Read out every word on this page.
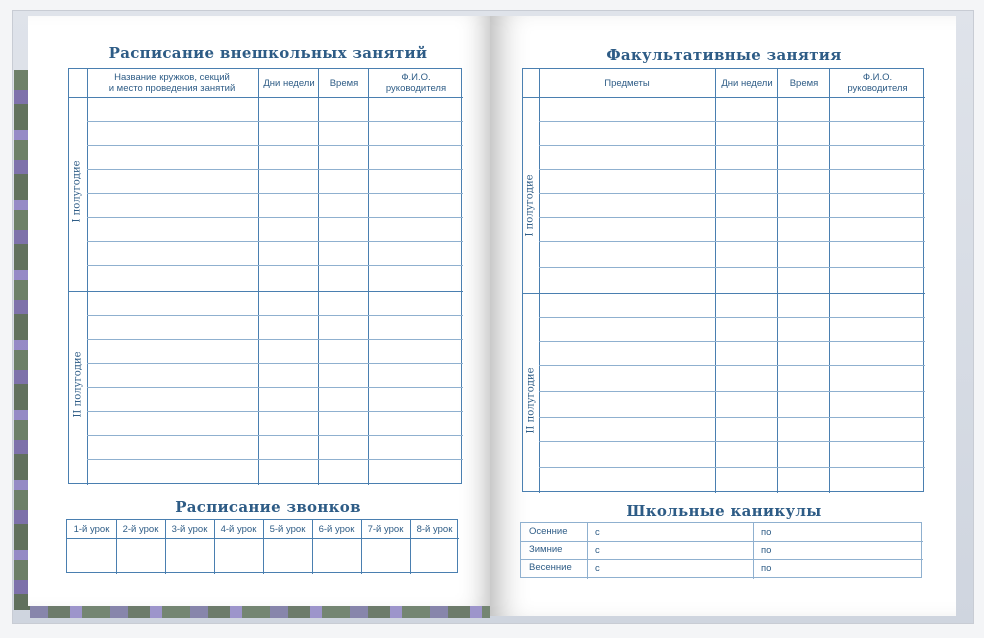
Расписание внешкольных занятий
Название кружков, секций
и место проведения занятий	Дни недели	Время	Ф.И.О.
руководителя
I полугодие
II полугодие
Расписание звонков
1-й урок	2-й урок	3-й урок	4-й урок	5-й урок	6-й урок	7-й урок	8-й урок
Факультативные занятия
Предметы	Дни недели	Время	Ф.И.О.
руководителя
I полугодие
II полугодие
Школьные каникулы
Осенние	с	по
Зимние	с	по
Весенние с	по
